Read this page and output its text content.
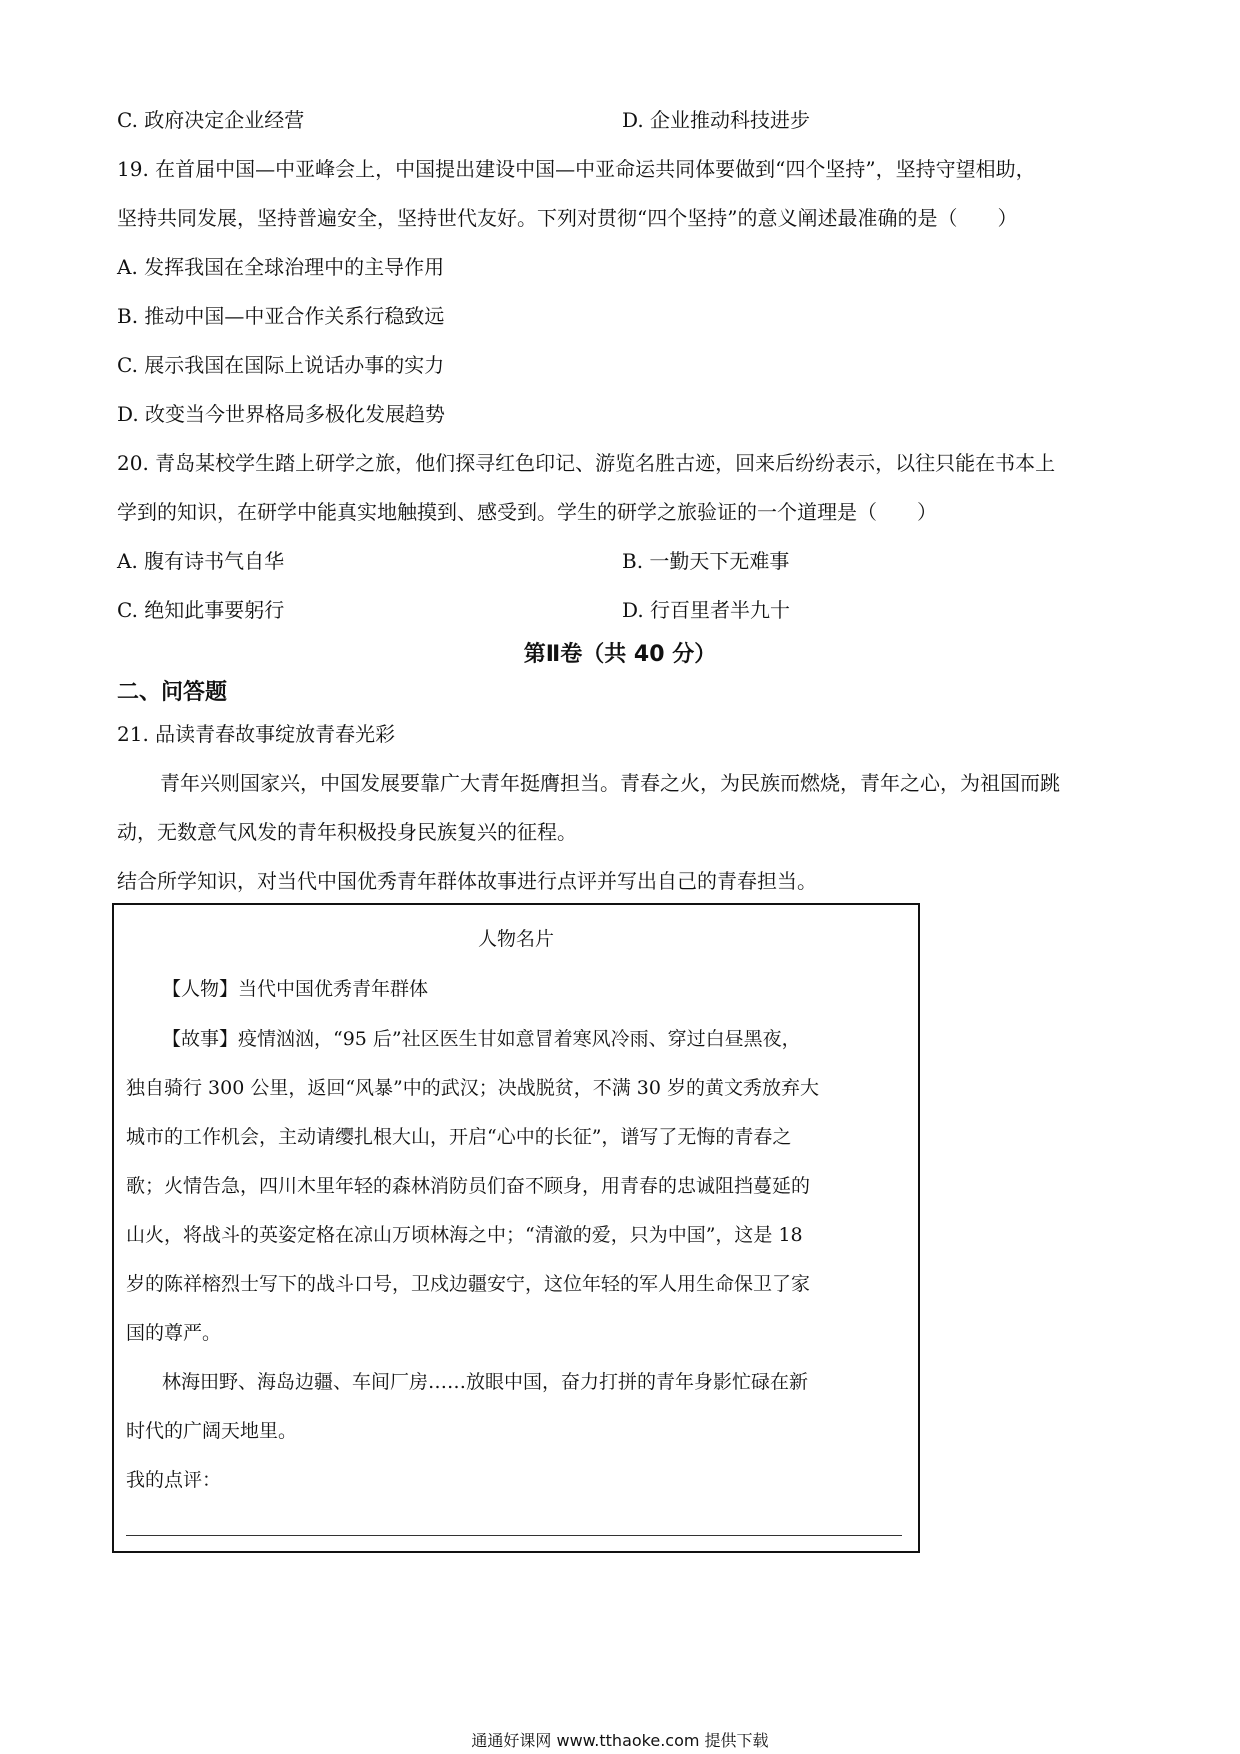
C. 政府决定企业经营	D. 企业推动科技进步
19. 在首届中国—中亚峰会上，中国提出建设中国—中亚命运共同体要做到“四个坚持”，坚持守望相助，
坚持共同发展，坚持普遍安全，坚持世代友好。下列对贯彻“四个坚持”的意义阐述最准确的是（　　）
A. 发挥我国在全球治理中的主导作用
B. 推动中国—中亚合作关系行稳致远
C. 展示我国在国际上说话办事的实力
D. 改变当今世界格局多极化发展趋势
20. 青岛某校学生踏上研学之旅，他们探寻红色印记、游览名胜古迹，回来后纷纷表示，以往只能在书本上
学到的知识，在研学中能真实地触摸到、感受到。学生的研学之旅验证的一个道理是（　　）
A. 腹有诗书气自华	B. 一勤天下无难事
C. 绝知此事要躬行	D. 行百里者半九十
第Ⅱ卷（共 40 分）
二、问答题
21. 品读青春故事绽放青春光彩
青年兴则国家兴，中国发展要靠广大青年挺膺担当。青春之火，为民族而燃烧，青年之心，为祖国而跳
动，无数意气风发的青年积极投身民族复兴的征程。
结合所学知识，对当代中国优秀青年群体故事进行点评并写出自己的青春担当。
人物名片
【人物】当代中国优秀青年群体
【故事】疫情汹汹，“95 后”社区医生甘如意冒着寒风冷雨、穿过白昼黑夜，
独自骑行 300 公里，返回“风暴”中的武汉；决战脱贫，不满 30 岁的黄文秀放弃大
城市的工作机会，主动请缨扎根大山，开启“心中的长征”，谱写了无悔的青春之
歌；火情告急，四川木里年轻的森林消防员们奋不顾身，用青春的忠诚阻挡蔓延的
山火，将战斗的英姿定格在凉山万顷林海之中；“清澈的爱，只为中国”，这是 18
岁的陈祥榕烈士写下的战斗口号，卫戍边疆安宁，这位年轻的军人用生命保卫了家
国的尊严。
林海田野、海岛边疆、车间厂房……放眼中国，奋力打拼的青年身影忙碌在新
时代的广阔天地里。
我的点评：
通通好课网 www.tthaoke.com 提供下载
